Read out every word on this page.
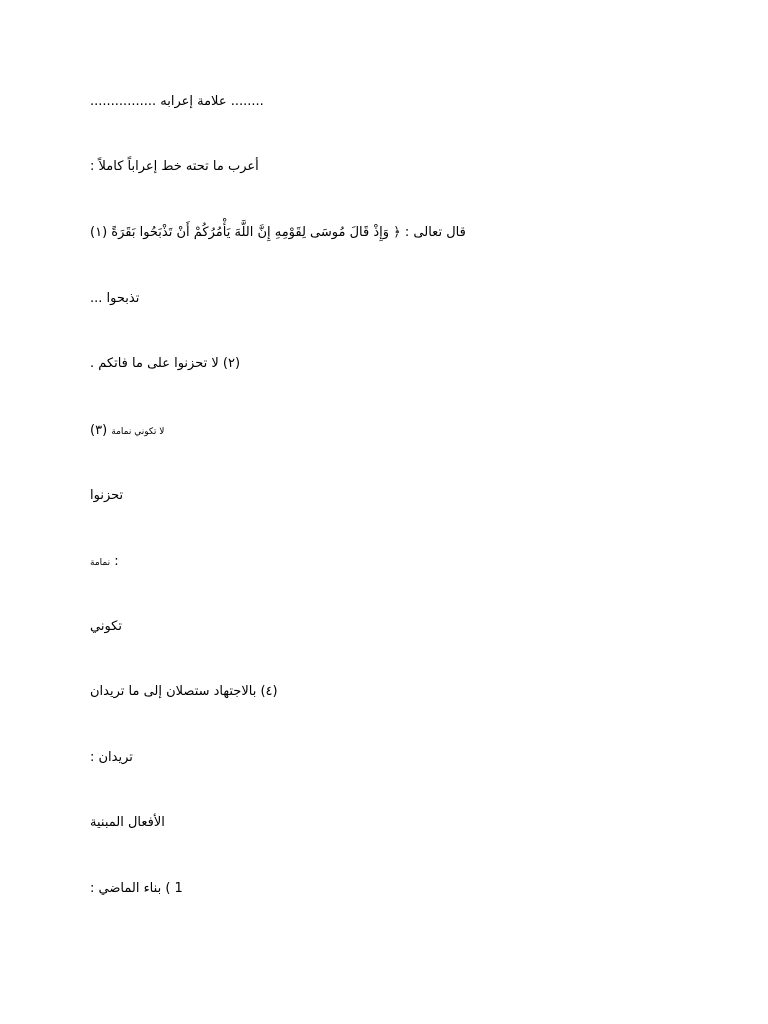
........ علامة إعرابه ................
أعرب ما تحته خط إعراباً كاملاً :
قال تعالى : ﴿ وَإِذْ قَالَ مُوسَى لِقَوْمِهِ إِنَّ اللَّهَ يَأْمُرُكُمْ أَنْ تَذْبَحُوا بَقَرَةً (١)
تذبحوا ...
(٢) لا تحزنوا على ما فاتكم .
(٣) لا تكوني نمامة
تحزنوا
نمامة :
تكوني
(٤) بالاجتهاد ستصلان إلى ما تريدان
تريدان :
الأفعال المبنية
1 ) بناء الماضي :
